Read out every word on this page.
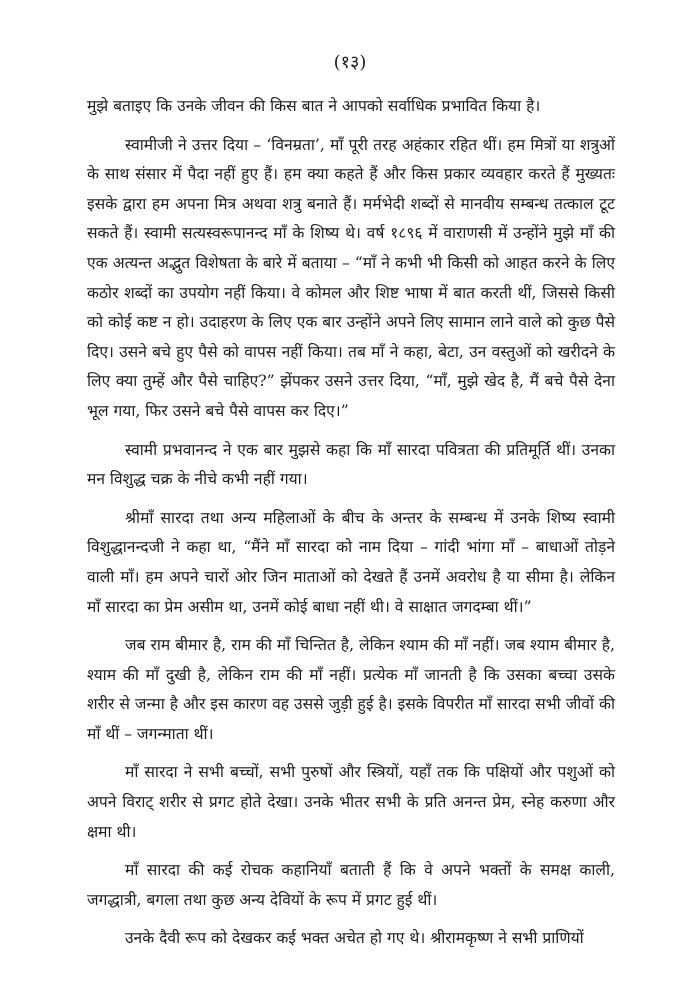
(१३)

मुझे बताइए कि उनके जीवन की किस बात ने आपको सर्वाधिक प्रभावित किया है।

स्वामीजी ने उत्तर दिया – ‘विनम्रता’, माँ पूरी तरह अहंकार रहित थीं। हम मित्रों या शत्रुओं के साथ संसार में पैदा नहीं हुए हैं। हम क्या कहते हैं और किस प्रकार व्यवहार करते हैं मुख्यतः इसके द्वारा हम अपना मित्र अथवा शत्रु बनाते हैं। मर्मभेदी शब्दों से मानवीय सम्बन्ध तत्काल टूट सकते हैं। स्वामी सत्यस्वरूपानन्द माँ के शिष्य थे। वर्ष १८९६ में वाराणसी में उन्होंने मुझे माँ की एक अत्यन्त अद्भुत विशेषता के बारे में बताया – “माँ ने कभी भी किसी को आहत करने के लिए कठोर शब्दों का उपयोग नहीं किया। वे कोमल और शिष्ट भाषा में बात करती थीं, जिससे किसी को कोई कष्ट न हो। उदाहरण के लिए एक बार उन्होंने अपने लिए सामान लाने वाले को कुछ पैसे दिए। उसने बचे हुए पैसे को वापस नहीं किया। तब माँ ने कहा, बेटा, उन वस्तुओं को खरीदने के लिए क्या तुम्हें और पैसे चाहिए?” झेंपकर उसने उत्तर दिया, “माँ, मुझे खेद है, मैं बचे पैसे देना भूल गया, फिर उसने बचे पैसे वापस कर दिए।”

स्वामी प्रभवानन्द ने एक बार मुझसे कहा कि माँ सारदा पवित्रता की प्रतिमूर्ति थीं। उनका मन विशुद्ध चक्र के नीचे कभी नहीं गया।

श्रीमाँ सारदा तथा अन्य महिलाओं के बीच के अन्तर के सम्बन्ध में उनके शिष्य स्वामी विशुद्धानन्दजी ने कहा था, “मैंने माँ सारदा को नाम दिया – गांदी भांगा माँ – बाधाओं तोड़ने वाली माँ। हम अपने चारों ओर जिन माताओं को देखते हैं उनमें अवरोध है या सीमा है। लेकिन माँ सारदा का प्रेम असीम था, उनमें कोई बाधा नहीं थी। वे साक्षात जगदम्बा थीं।”

जब राम बीमार है, राम की माँ चिन्तित है, लेकिन श्याम की माँ नहीं। जब श्याम बीमार है, श्याम की माँ दुखी है, लेकिन राम की माँ नहीं। प्रत्येक माँ जानती है कि उसका बच्चा उसके शरीर से जन्मा है और इस कारण वह उससे जुड़ी हुई है। इसके विपरीत माँ सारदा सभी जीवों की माँ थीं – जगन्माता थीं।

माँ सारदा ने सभी बच्चों, सभी पुरुषों और स्त्रियों, यहाँ तक कि पक्षियों और पशुओं को अपने विराट् शरीर से प्रगट होते देखा। उनके भीतर सभी के प्रति अनन्त प्रेम, स्नेह करुणा और क्षमा थी।

माँ सारदा की कई रोचक कहानियाँ बताती हैं कि वे अपने भक्तों के समक्ष काली, जगद्धात्री, बगला तथा कुछ अन्य देवियों के रूप में प्रगट हुई थीं।

उनके दैवी रूप को देखकर कई भक्त अचेत हो गए थे। श्रीरामकृष्ण ने सभी प्राणियों
